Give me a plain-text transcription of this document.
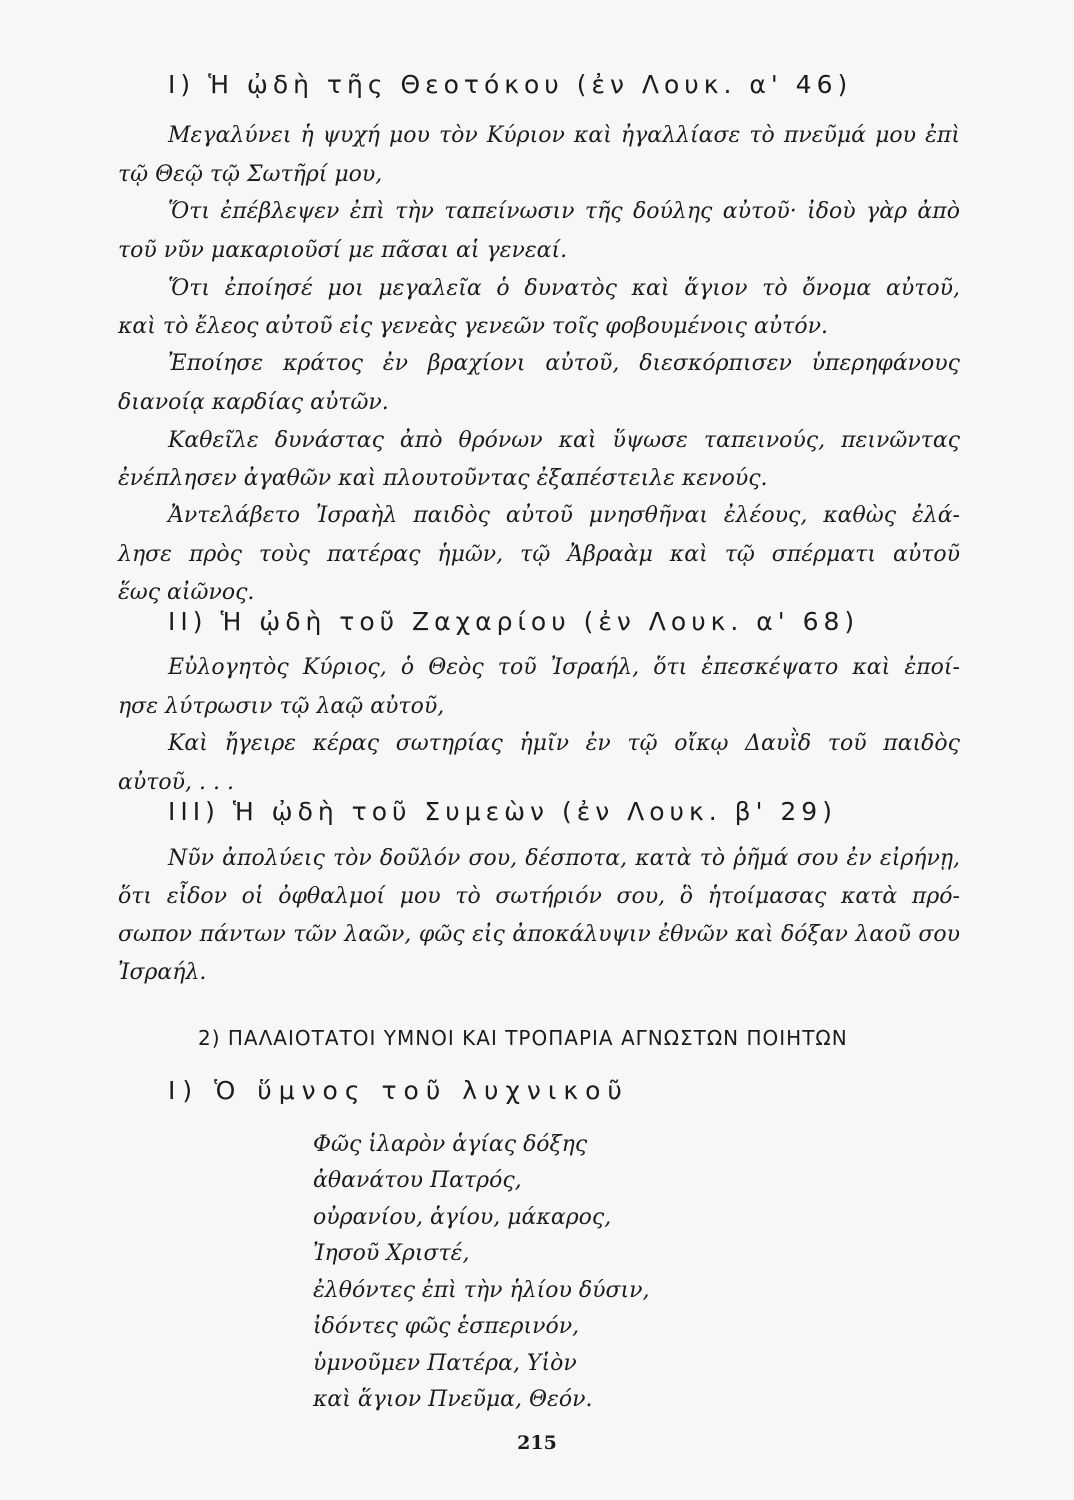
I) Ἡ ᾠδὴ τῆς Θεοτόκου (ἐν Λουκ. α' 46)
Μεγαλύνει ἡ ψυχή μου τὸν Κύριον καὶ ἠγαλλίασε τὸ πνεῦμά μου ἐπὶ
τῷ Θεῷ τῷ Σωτῆρί μου,
Ὅτι ἐπέβλεψεν ἐπὶ τὴν ταπείνωσιν τῆς δούλης αὐτοῦ· ἰδοὺ γὰρ ἀπὸ
τοῦ νῦν μακαριοῦσί με πᾶσαι αἱ γενεαί.
Ὅτι ἐποίησέ μοι μεγαλεῖα ὁ δυνατὸς καὶ ἅγιον τὸ ὄνομα αὐτοῦ,
καὶ τὸ ἔλεος αὐτοῦ εἰς γενεὰς γενεῶν τοῖς φοβουμένοις αὐτόν.
Ἐποίησε κράτος ἐν βραχίονι αὐτοῦ, διεσκόρπισεν ὑπερηφάνους
διανοίᾳ καρδίας αὐτῶν.
Καθεῖλε δυνάστας ἀπὸ θρόνων καὶ ὕψωσε ταπεινούς, πεινῶντας
ἐνέπλησεν ἀγαθῶν καὶ πλουτοῦντας ἐξαπέστειλε κενούς.
Ἀντελάβετο Ἰσραὴλ παιδὸς αὐτοῦ μνησθῆναι ἐλέους, καθὼς ἐλά-
λησε πρὸς τοὺς πατέρας ἡμῶν, τῷ Ἀβραὰμ καὶ τῷ σπέρματι αὐτοῦ
ἕως αἰῶνος.
II) Ἡ ᾠδὴ τοῦ Ζαχαρίου (ἐν Λουκ. α' 68)
Εὐλογητὸς Κύριος, ὁ Θεὸς τοῦ Ἰσραήλ, ὅτι ἐπεσκέψατο καὶ ἐποί-
ησε λύτρωσιν τῷ λαῷ αὐτοῦ,
Καὶ ἤγειρε κέρας σωτηρίας ἡμῖν ἐν τῷ οἴκῳ Δαυῒδ τοῦ παιδὸς
αὐτοῦ, . . .
III) Ἡ ᾠδὴ τοῦ Συμεὼν (ἐν Λουκ. β' 29)
Νῦν ἀπολύεις τὸν δοῦλόν σου, δέσποτα, κατὰ τὸ ῥῆμά σου ἐν εἰρήνῃ,
ὅτι εἶδον οἱ ὀφθαλμοί μου τὸ σωτήριόν σου, ὃ ἡτοίμασας κατὰ πρό-
σωπον πάντων τῶν λαῶν, φῶς εἰς ἀποκάλυψιν ἐθνῶν καὶ δόξαν λαοῦ σου
Ἰσραήλ.
2) ΠΑΛΑΙΟΤΑΤΟΙ ΥΜΝΟΙ ΚΑΙ ΤΡΟΠΑΡΙΑ ΑΓΝΩΣΤΩΝ ΠΟΙΗΤΩΝ
I) Ὁ ὕμνος τοῦ λυχνικοῦ
Φῶς ἱλαρὸν ἁγίας δόξης
ἀθανάτου Πατρός,
οὐρανίου, ἁγίου, μάκαρος,
Ἰησοῦ Χριστέ,
ἐλθόντες ἐπὶ τὴν ἡλίου δύσιν,
ἰδόντες φῶς ἑσπερινόν,
ὑμνοῦμεν Πατέρα, Υἱὸν
καὶ ἅγιον Πνεῦμα, Θεόν.
215
